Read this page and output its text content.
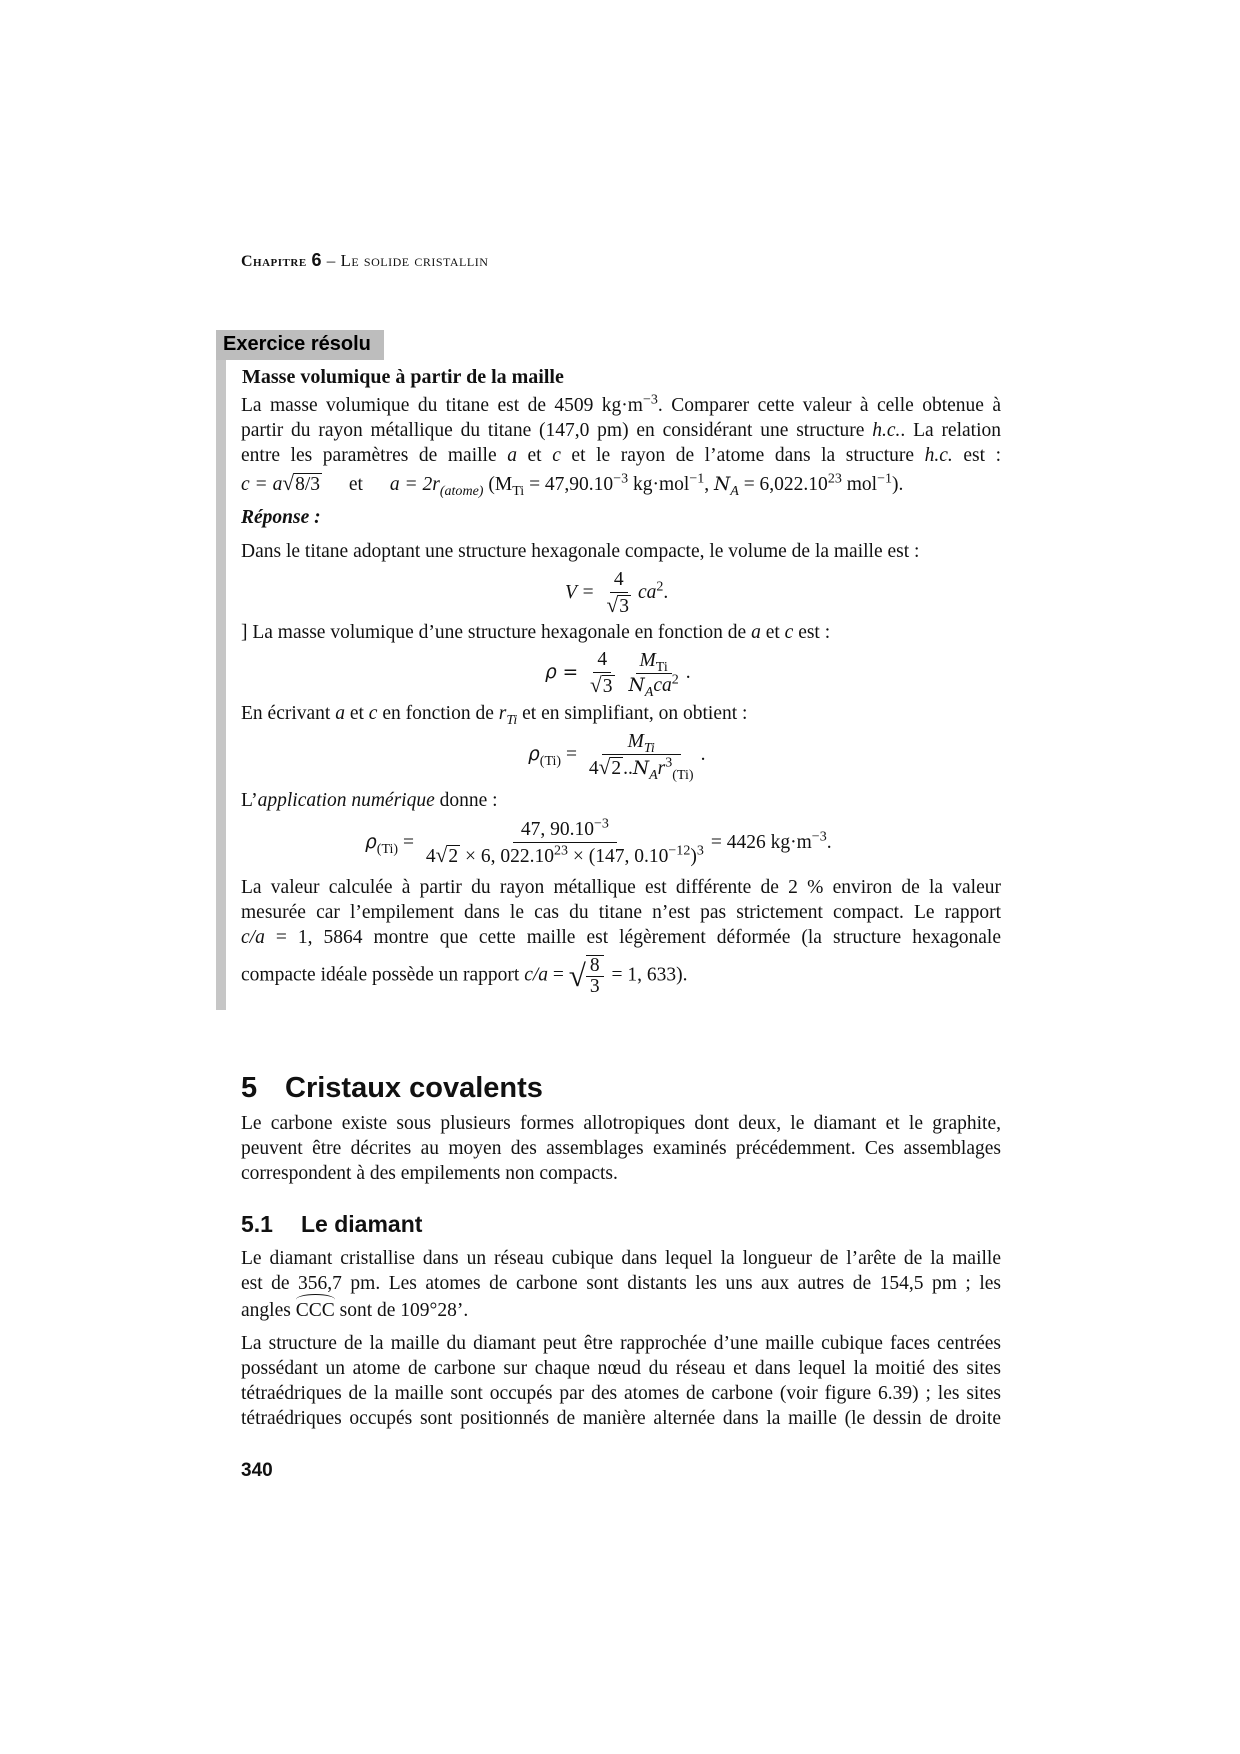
Chapitre 6 – Le solide cristallin
Exercice résolu
Masse volumique à partir de la maille
La masse volumique du titane est de 4509 $kg\cdot m^{-3}$. Comparer cette valeur à celle obtenue à
partir du rayon métallique du titane (147,0 pm) en considérant une structure h.c.. La relation
entre les paramètres de maille a et c et le rayon de l’atome dans la structure h.c. est :
c = a√8/3 et $a = 2r_{(atome)}$ ($M_{Ti} = 47,90.10^{-3}$ kg·mol$^{-1}$, $N_A = 6,022.10^{23}$ mol$^{-1}$).
Réponse :
Dans le titane adoptant une structure hexagonale compacte, le volume de la maille est :
$V = \frac{4}{√3} ca^2$.
] La masse volumique d’une structure hexagonale en fonction de a et c est :
$\rho = \frac{4}{√3} \frac{M_{Ti}}{N_Aca^2}$ .
En écrivant a et c en fonction de $r_{Ti}$ et en simplifiant, on obtient :
$\rho_{(Ti)} = \frac{M_{Ti}}{4√2 ..N_Ar^3_{(Ti)}}$ .
L’application numérique donne :
$\rho_{(Ti)} = \frac{47, 90.10^{-3}}{4√2 \times 6, 022.10^{23} \times (147, 0.10^{-12})^3} = 4426$ $kg\cdot m^{-3}$.
La valeur calculée à partir du rayon métallique est différente de 2 % environ de la valeur
mesurée car l’empilement dans le cas du titane n’est pas strictement compact. Le rapport
c/a = 1, 5864 montre que cette maille est légèrement déformée (la structure hexagonale
compacte idéale possède un rapport c/a = √ $\frac{8}{3} = 1$, 633).
5 Cristaux covalents
Le carbone existe sous plusieurs formes allotropiques dont deux, le diamant et le graphite,
peuvent être décrites au moyen des assemblages examinés précédemment. Ces assemblages
correspondent à des empilements non compacts.
5.1 Le diamant
Le diamant cristallise dans un réseau cubique dans lequel la longueur de l’arête de la maille
est de 356,7 pm. Les atomes de carbone sont distants les uns aux autres de 154,5 pm ; les
angles CCC sont de 109°28’.
La structure de la maille du diamant peut être rapprochée d’une maille cubique faces centrées
possédant un atome de carbone sur chaque nœud du réseau et dans lequel la moitié des sites
tétraédriques de la maille sont occupés par des atomes de carbone (voir figure 6.39) ; les sites
tétraédriques occupés sont positionnés de manière alternée dans la maille (le dessin de droite
340
